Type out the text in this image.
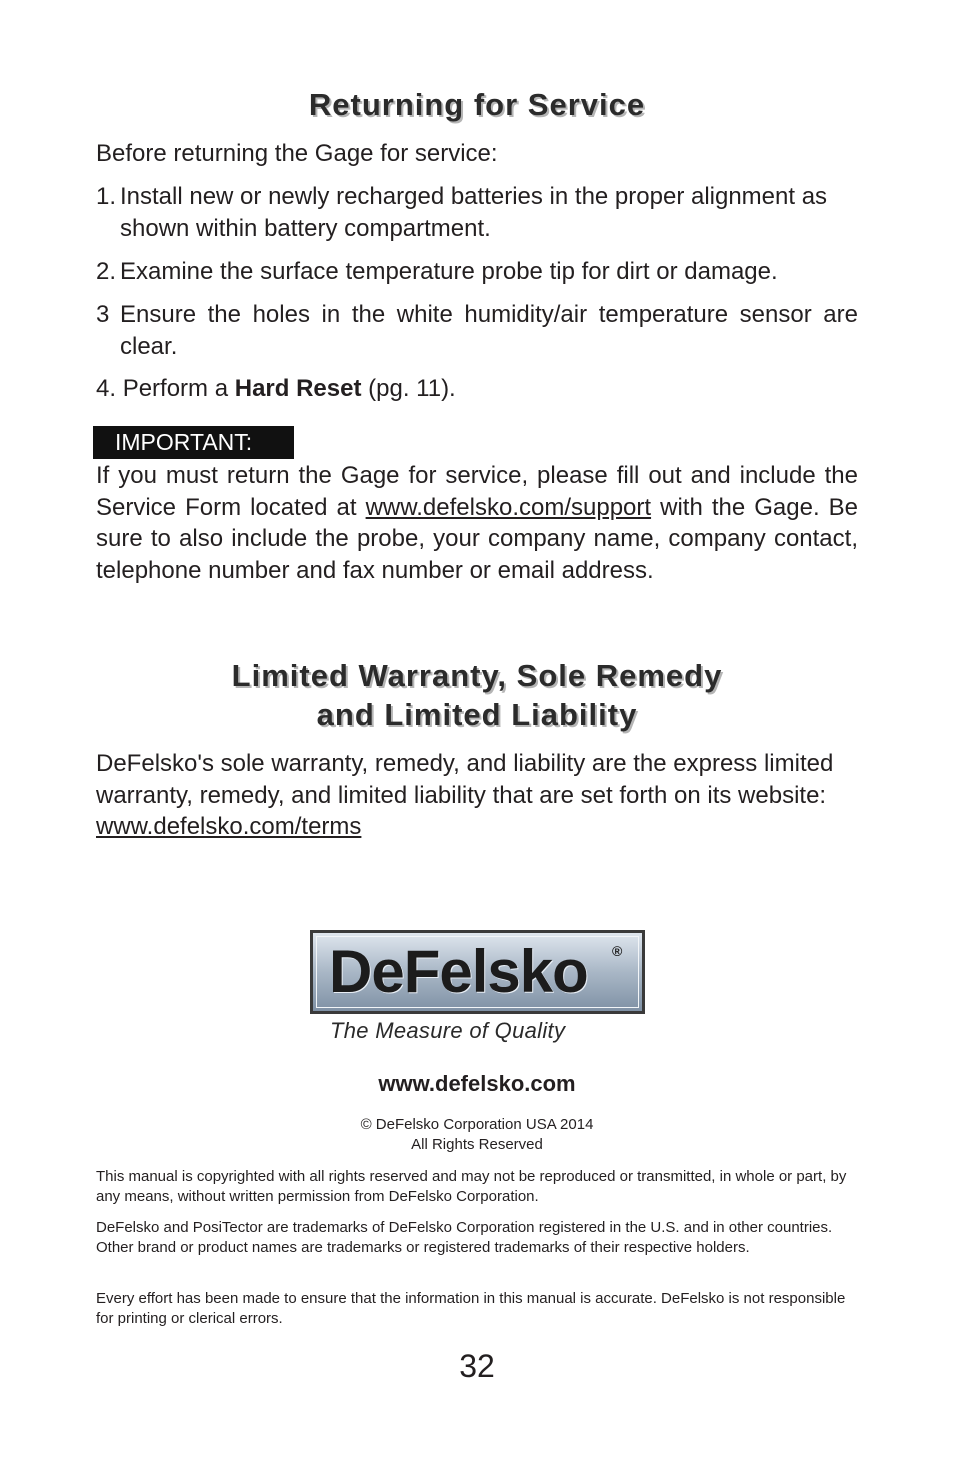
Returning for Service
Before returning the Gage for service:
1. Install new or newly recharged batteries in the proper alignment as shown within battery compartment.
2. Examine the surface temperature probe tip for dirt or damage.
3 Ensure the holes in the white humidity/air temperature sensor are clear.
4. Perform a Hard Reset (pg. 11).
IMPORTANT:
If you must return the Gage for service, please fill out and include the Service Form located at www.defelsko.com/support with the Gage. Be sure to also include the probe, your company name, company contact, telephone number and fax number or email address.
Limited Warranty, Sole Remedy
and Limited Liability
DeFelsko's sole warranty, remedy, and liability are the express limited warranty, remedy, and limited liability that are set forth on its website: www.defelsko.com/terms
DeFelsko ®
The Measure of Quality
www.defelsko.com
© DeFelsko Corporation USA 2014
All Rights Reserved
This manual is copyrighted with all rights reserved and may not be reproduced or transmitted, in whole or part, by any means, without written permission from DeFelsko Corporation.
DeFelsko and PosiTector are trademarks of DeFelsko Corporation registered in the U.S. and in other countries. Other brand or product names are trademarks or registered trademarks of their respective holders.
Every effort has been made to ensure that the information in this manual is accurate. DeFelsko is not responsible for printing or clerical errors.
32
